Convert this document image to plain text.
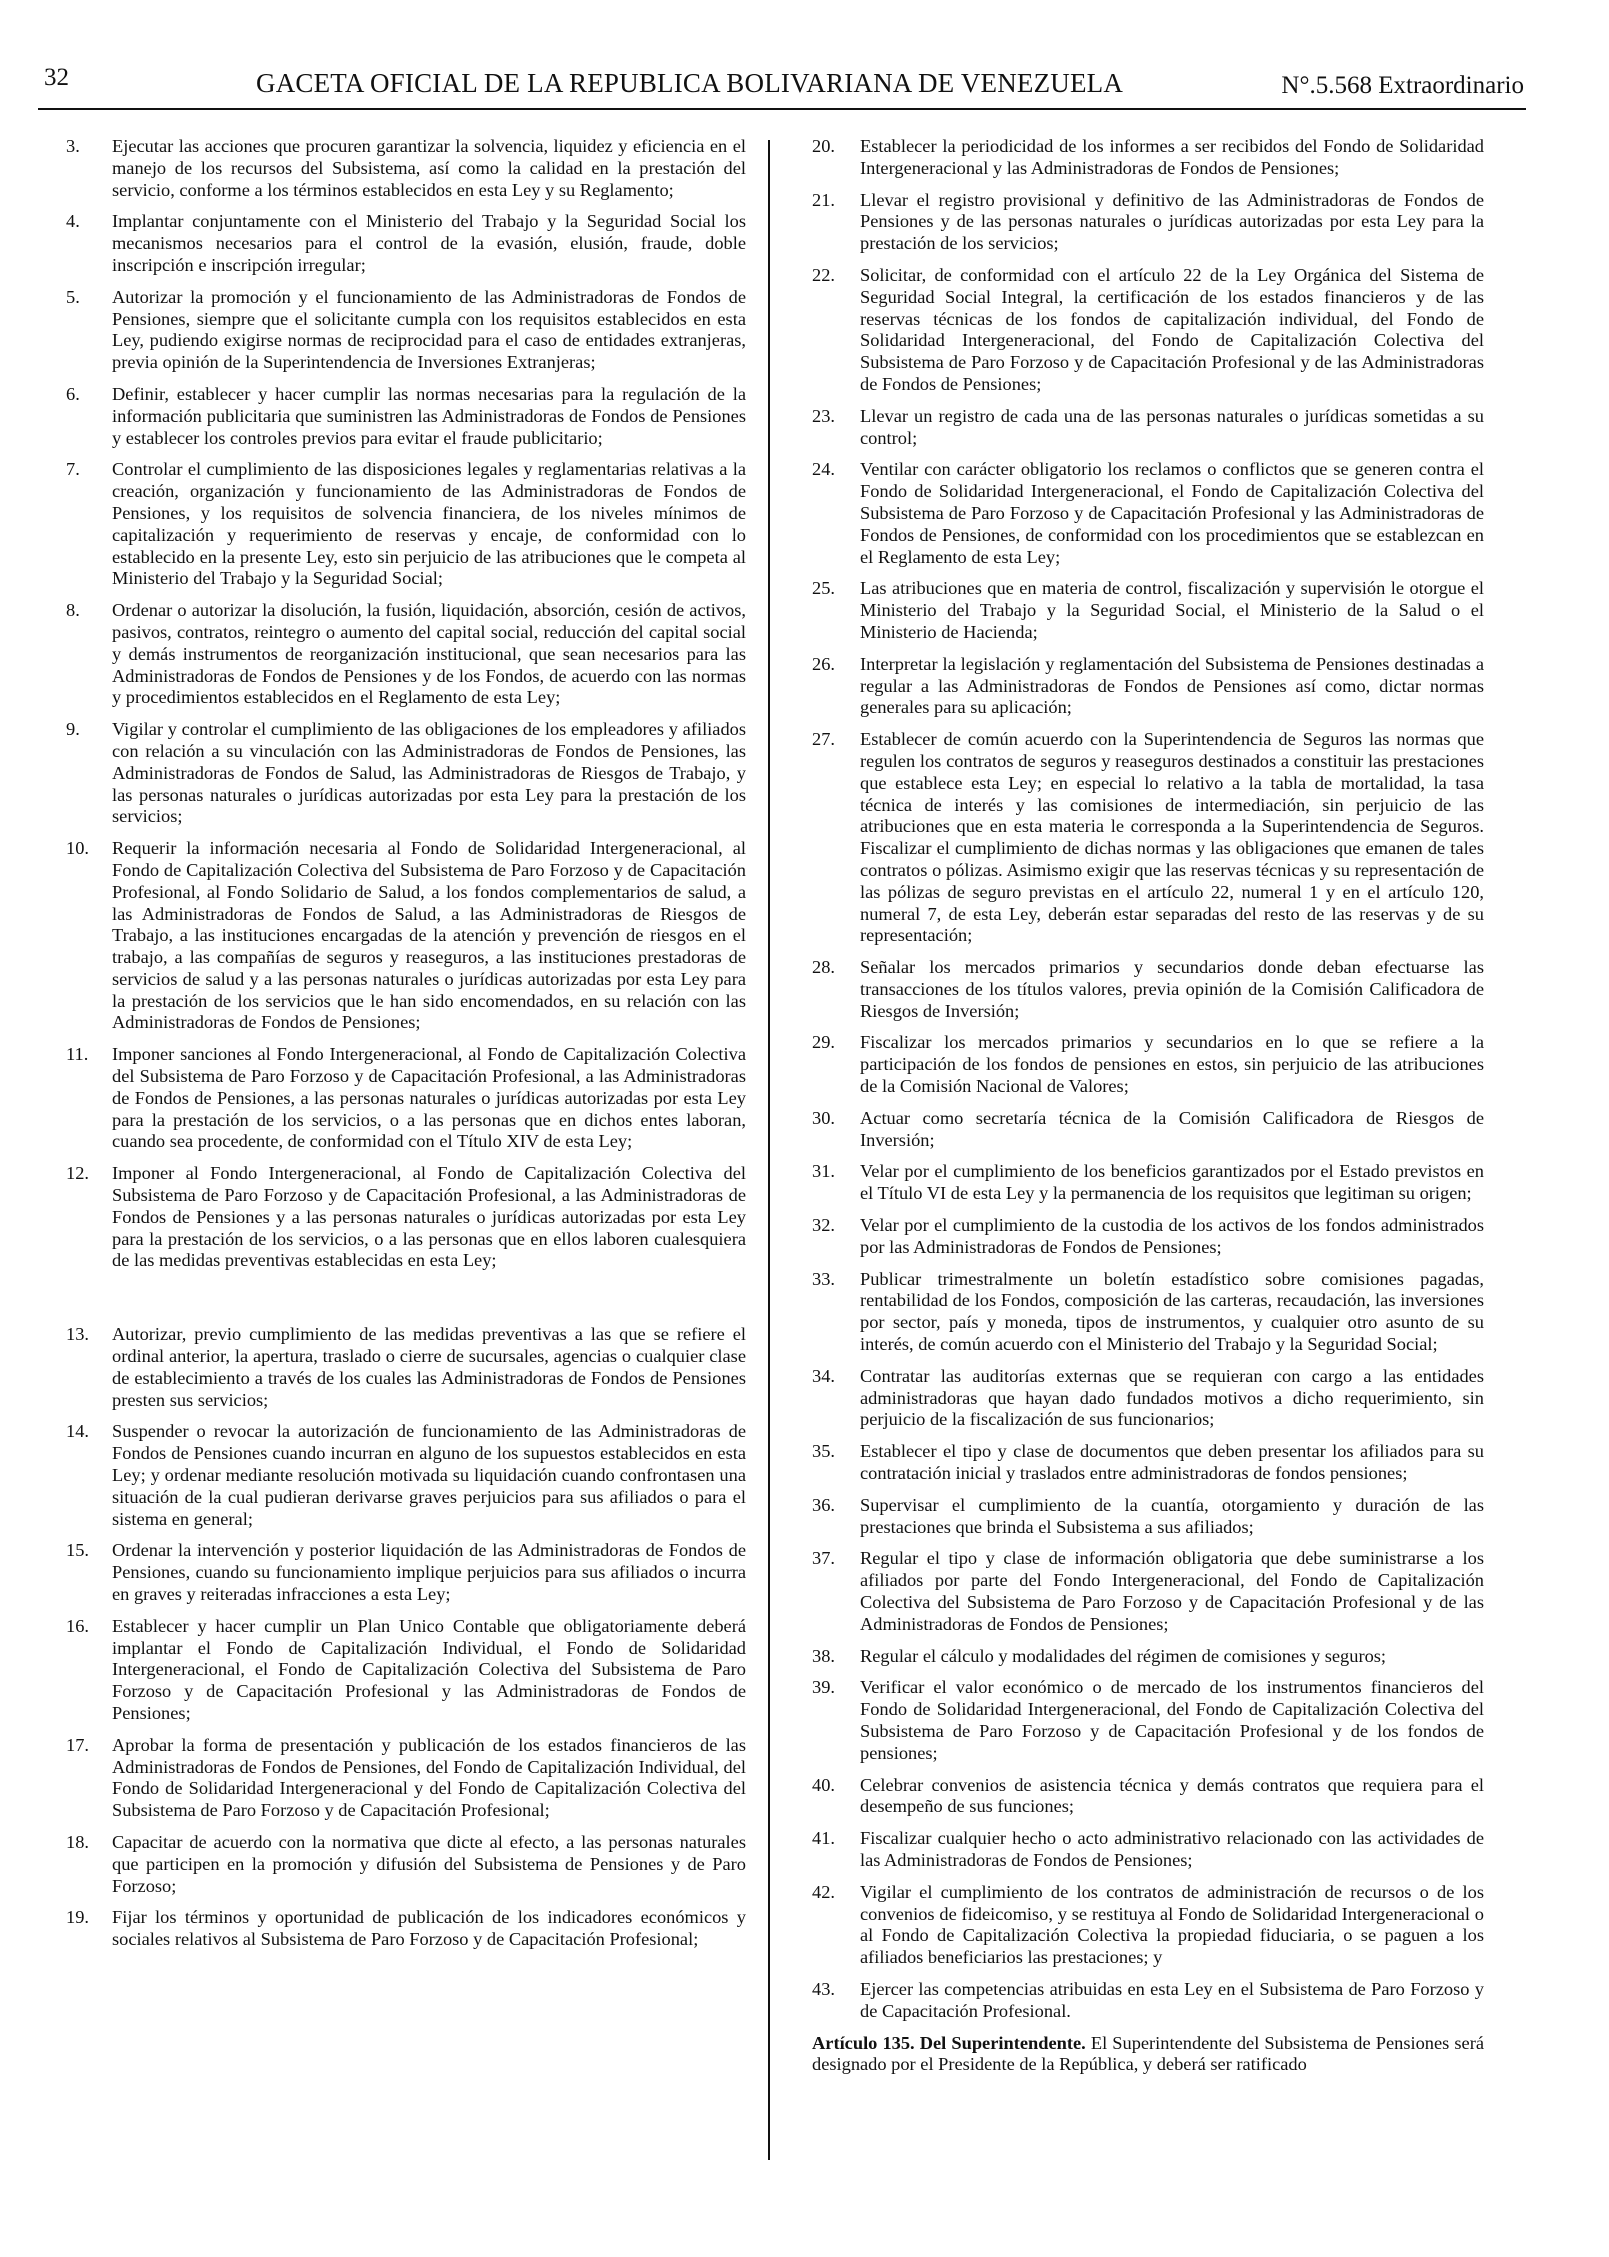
32	GACETA OFICIAL DE LA REPUBLICA BOLIVARIANA DE VENEZUELA	N°.5.568 Extraordinario
3. Ejecutar las acciones que procuren garantizar la solvencia, liquidez y eficiencia en el manejo de los recursos del Subsistema, así como la calidad en la prestación del servicio, conforme a los términos establecidos en esta Ley y su Reglamento;
4. Implantar conjuntamente con el Ministerio del Trabajo y la Seguridad Social los mecanismos necesarios para el control de la evasión, elusión, fraude, doble inscripción e inscripción irregular;
5. Autorizar la promoción y el funcionamiento de las Administradoras de Fondos de Pensiones, siempre que el solicitante cumpla con los requisitos establecidos en esta Ley, pudiendo exigirse normas de reciprocidad para el caso de entidades extranjeras, previa opinión de la Superintendencia de Inversiones Extranjeras;
6. Definir, establecer y hacer cumplir las normas necesarias para la regulación de la información publicitaria que suministren las Administradoras de Fondos de Pensiones y establecer los controles previos para evitar el fraude publicitario;
7. Controlar el cumplimiento de las disposiciones legales y reglamentarias relativas a la creación, organización y funcionamiento de las Administradoras de Fondos de Pensiones, y los requisitos de solvencia financiera, de los niveles mínimos de capitalización y requerimiento de reservas y encaje, de conformidad con lo establecido en la presente Ley, esto sin perjuicio de las atribuciones que le competa al Ministerio del Trabajo y la Seguridad Social;
8. Ordenar o autorizar la disolución, la fusión, liquidación, absorción, cesión de activos, pasivos, contratos, reintegro o aumento del capital social, reducción del capital social y demás instrumentos de reorganización institucional, que sean necesarios para las Administradoras de Fondos de Pensiones y de los Fondos, de acuerdo con las normas y procedimientos establecidos en el Reglamento de esta Ley;
9. Vigilar y controlar el cumplimiento de las obligaciones de los empleadores y afiliados con relación a su vinculación con las Administradoras de Fondos de Pensiones, las Administradoras de Fondos de Salud, las Administradoras de Riesgos de Trabajo, y las personas naturales o jurídicas autorizadas por esta Ley para la prestación de los servicios;
10. Requerir la información necesaria al Fondo de Solidaridad Intergeneracional, al Fondo de Capitalización Colectiva del Subsistema de Paro Forzoso y de Capacitación Profesional, al Fondo Solidario de Salud, a los fondos complementarios de salud, a las Administradoras de Fondos de Salud, a las Administradoras de Riesgos de Trabajo, a las instituciones encargadas de la atención y prevención de riesgos en el trabajo, a las compañías de seguros y reaseguros, a las instituciones prestadoras de servicios de salud y a las personas naturales o jurídicas autorizadas por esta Ley para la prestación de los servicios que le han sido encomendados, en su relación con las Administradoras de Fondos de Pensiones;
11. Imponer sanciones al Fondo Intergeneracional, al Fondo de Capitalización Colectiva del Subsistema de Paro Forzoso y de Capacitación Profesional, a las Administradoras de Fondos de Pensiones, a las personas naturales o jurídicas autorizadas por esta Ley para la prestación de los servicios, o a las personas que en dichos entes laboran, cuando sea procedente, de conformidad con el Título XIV de esta Ley;
12. Imponer al Fondo Intergeneracional, al Fondo de Capitalización Colectiva del Subsistema de Paro Forzoso y de Capacitación Profesional, a las Administradoras de Fondos de Pensiones y a las personas naturales o jurídicas autorizadas por esta Ley para la prestación de los servicios, o a las personas que en ellos laboren cualesquiera de las medidas preventivas establecidas en esta Ley;
13. Autorizar, previo cumplimiento de las medidas preventivas a las que se refiere el ordinal anterior, la apertura, traslado o cierre de sucursales, agencias o cualquier clase de establecimiento a través de los cuales las Administradoras de Fondos de Pensiones presten sus servicios;
14. Suspender o revocar la autorización de funcionamiento de las Administradoras de Fondos de Pensiones cuando incurran en alguno de los supuestos establecidos en esta Ley; y ordenar mediante resolución motivada su liquidación cuando confrontasen una situación de la cual pudieran derivarse graves perjuicios para sus afiliados o para el sistema en general;
15. Ordenar la intervención y posterior liquidación de las Administradoras de Fondos de Pensiones, cuando su funcionamiento implique perjuicios para sus afiliados o incurra en graves y reiteradas infracciones a esta Ley;
16. Establecer y hacer cumplir un Plan Unico Contable que obligatoriamente deberá implantar el Fondo de Capitalización Individual, el Fondo de Solidaridad Intergeneracional, el Fondo de Capitalización Colectiva del Subsistema de Paro Forzoso y de Capacitación Profesional y las Administradoras de Fondos de Pensiones;
17. Aprobar la forma de presentación y publicación de los estados financieros de las Administradoras de Fondos de Pensiones, del Fondo de Capitalización Individual, del Fondo de Solidaridad Intergeneracional y del Fondo de Capitalización Colectiva del Subsistema de Paro Forzoso y de Capacitación Profesional;
18. Capacitar de acuerdo con la normativa que dicte al efecto, a las personas naturales que participen en la promoción y difusión del Subsistema de Pensiones y de Paro Forzoso;
19. Fijar los términos y oportunidad de publicación de los indicadores económicos y sociales relativos al Subsistema de Paro Forzoso y de Capacitación Profesional;
20. Establecer la periodicidad de los informes a ser recibidos del Fondo de Solidaridad Intergeneracional y las Administradoras de Fondos de Pensiones;
21. Llevar el registro provisional y definitivo de las Administradoras de Fondos de Pensiones y de las personas naturales o jurídicas autorizadas por esta Ley para la prestación de los servicios;
22. Solicitar, de conformidad con el artículo 22 de la Ley Orgánica del Sistema de Seguridad Social Integral, la certificación de los estados financieros y de las reservas técnicas de los fondos de capitalización individual, del Fondo de Solidaridad Intergeneracional, del Fondo de Capitalización Colectiva del Subsistema de Paro Forzoso y de Capacitación Profesional y de las Administradoras de Fondos de Pensiones;
23. Llevar un registro de cada una de las personas naturales o jurídicas sometidas a su control;
24. Ventilar con carácter obligatorio los reclamos o conflictos que se generen contra el Fondo de Solidaridad Intergeneracional, el Fondo de Capitalización Colectiva del Subsistema de Paro Forzoso y de Capacitación Profesional y las Administradoras de Fondos de Pensiones, de conformidad con los procedimientos que se establezcan en el Reglamento de esta Ley;
25. Las atribuciones que en materia de control, fiscalización y supervisión le otorgue el Ministerio del Trabajo y la Seguridad Social, el Ministerio de la Salud o el Ministerio de Hacienda;
26. Interpretar la legislación y reglamentación del Subsistema de Pensiones destinadas a regular a las Administradoras de Fondos de Pensiones así como, dictar normas generales para su aplicación;
27. Establecer de común acuerdo con la Superintendencia de Seguros las normas que regulen los contratos de seguros y reaseguros destinados a constituir las prestaciones que establece esta Ley; en especial lo relativo a la tabla de mortalidad, la tasa técnica de interés y las comisiones de intermediación, sin perjuicio de las atribuciones que en esta materia le corresponda a la Superintendencia de Seguros. Fiscalizar el cumplimiento de dichas normas y las obligaciones que emanen de tales contratos o pólizas. Asimismo exigir que las reservas técnicas y su representación de las pólizas de seguro previstas en el artículo 22, numeral 1 y en el artículo 120, numeral 7, de esta Ley, deberán estar separadas del resto de las reservas y de su representación;
28. Señalar los mercados primarios y secundarios donde deban efectuarse las transacciones de los títulos valores, previa opinión de la Comisión Calificadora de Riesgos de Inversión;
29. Fiscalizar los mercados primarios y secundarios en lo que se refiere a la participación de los fondos de pensiones en estos, sin perjuicio de las atribuciones de la Comisión Nacional de Valores;
30. Actuar como secretaría técnica de la Comisión Calificadora de Riesgos de Inversión;
31. Velar por el cumplimiento de los beneficios garantizados por el Estado previstos en el Título VI de esta Ley y la permanencia de los requisitos que legitiman su origen;
32. Velar por el cumplimiento de la custodia de los activos de los fondos administrados por las Administradoras de Fondos de Pensiones;
33. Publicar trimestralmente un boletín estadístico sobre comisiones pagadas, rentabilidad de los Fondos, composición de las carteras, recaudación, las inversiones por sector, país y moneda, tipos de instrumentos, y cualquier otro asunto de su interés, de común acuerdo con el Ministerio del Trabajo y la Seguridad Social;
34. Contratar las auditorías externas que se requieran con cargo a las entidades administradoras que hayan dado fundados motivos a dicho requerimiento, sin perjuicio de la fiscalización de sus funcionarios;
35. Establecer el tipo y clase de documentos que deben presentar los afiliados para su contratación inicial y traslados entre administradoras de fondos pensiones;
36. Supervisar el cumplimiento de la cuantía, otorgamiento y duración de las prestaciones que brinda el Subsistema a sus afiliados;
37. Regular el tipo y clase de información obligatoria que debe suministrarse a los afiliados por parte del Fondo Intergeneracional, del Fondo de Capitalización Colectiva del Subsistema de Paro Forzoso y de Capacitación Profesional y de las Administradoras de Fondos de Pensiones;
38. Regular el cálculo y modalidades del régimen de comisiones y seguros;
39. Verificar el valor económico o de mercado de los instrumentos financieros del Fondo de Solidaridad Intergeneracional, del Fondo de Capitalización Colectiva del Subsistema de Paro Forzoso y de Capacitación Profesional y de los fondos de pensiones;
40. Celebrar convenios de asistencia técnica y demás contratos que requiera para el desempeño de sus funciones;
41. Fiscalizar cualquier hecho o acto administrativo relacionado con las actividades de las Administradoras de Fondos de Pensiones;
42. Vigilar el cumplimiento de los contratos de administración de recursos o de los convenios de fideicomiso, y se restituya al Fondo de Solidaridad Intergeneracional o al Fondo de Capitalización Colectiva la propiedad fiduciaria, o se paguen a los afiliados beneficiarios las prestaciones; y
43. Ejercer las competencias atribuidas en esta Ley en el Subsistema de Paro Forzoso y de Capacitación Profesional.

Artículo 135. Del Superintendente. El Superintendente del Subsistema de Pensiones será designado por el Presidente de la República, y deberá ser ratificado
